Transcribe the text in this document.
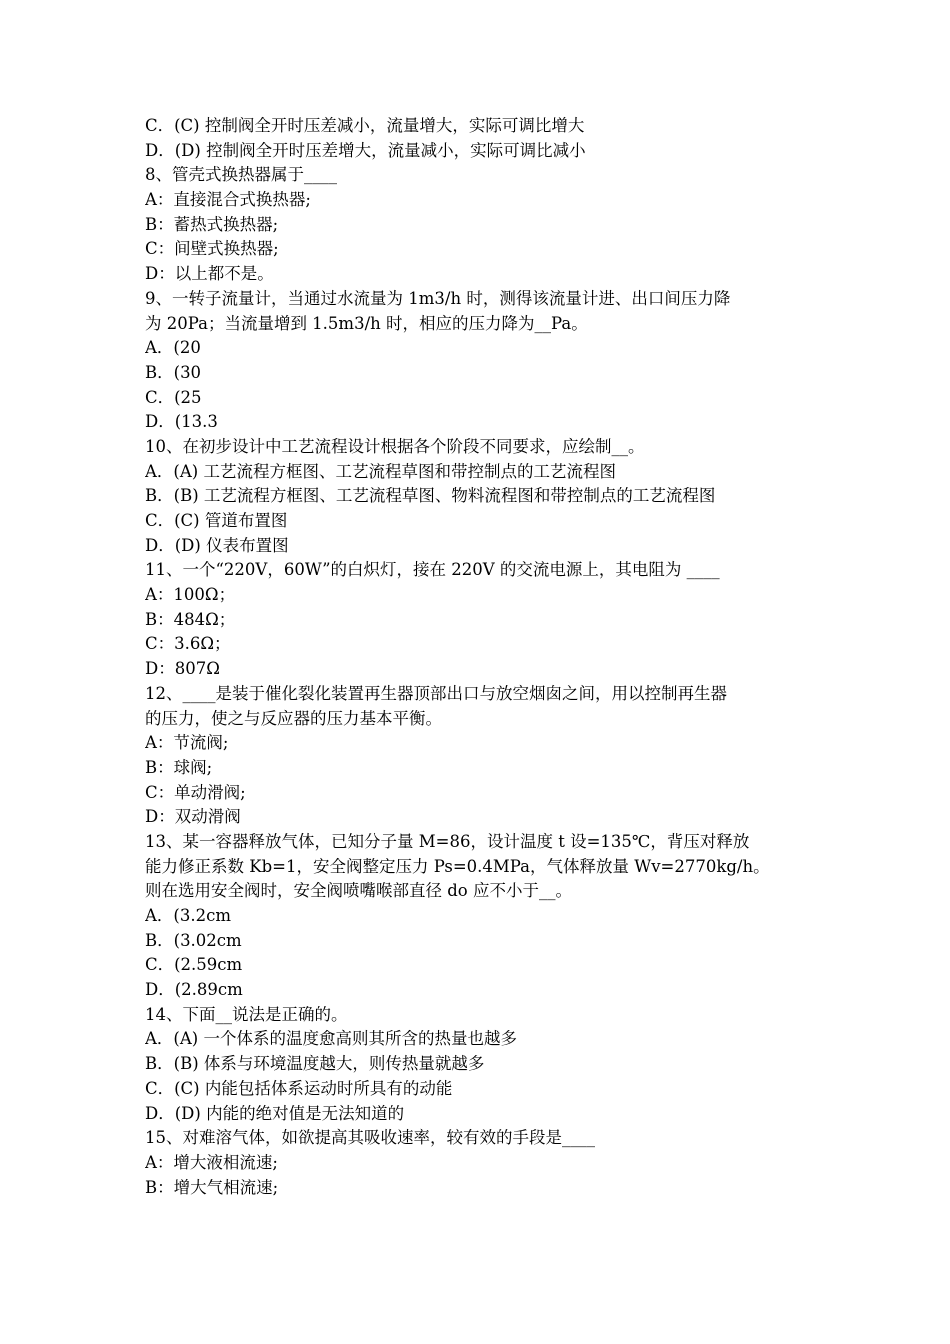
C．(C) 控制阀全开时压差减小，流量增大，实际可调比增大
D．(D) 控制阀全开时压差增大，流量减小，实际可调比减小
8、管壳式换热器属于____
A：直接混合式换热器;
B：蓄热式换热器;
C：间壁式换热器;
D：以上都不是。
9、一转子流量计，当通过水流量为 1m3/h 时，测得该流量计进、出口间压力降
为 20Pa；当流量增到 1.5m3/h 时，相应的压力降为__Pa。
A．(20
B．(30
C．(25
D．(13.3
10、在初步设计中工艺流程设计根据各个阶段不同要求，应绘制__。
A．(A) 工艺流程方框图、工艺流程草图和带控制点的工艺流程图
B．(B) 工艺流程方框图、工艺流程草图、物料流程图和带控制点的工艺流程图
C．(C) 管道布置图
D．(D) 仪表布置图
11、一个“220V，60W”的白炽灯，接在 220V 的交流电源上，其电阻为 ____
A：100Ω；
B：484Ω；
C：3.6Ω；
D：807Ω
12、____是装于催化裂化装置再生器顶部出口与放空烟囱之间，用以控制再生器
的压力，使之与反应器的压力基本平衡。
A：节流阀;
B：球阀;
C：单动滑阀;
D：双动滑阀
13、某一容器释放气体，已知分子量 M=86，设计温度 t 设=135℃，背压对释放
能力修正系数 Kb=1，安全阀整定压力 Ps=0.4MPa，气体释放量 Wv=2770kg/h。
则在选用安全阀时，安全阀喷嘴喉部直径 do 应不小于__。
A．(3.2cm
B．(3.02cm
C．(2.59cm
D．(2.89cm
14、下面__说法是正确的。
A．(A) 一个体系的温度愈高则其所含的热量也越多
B．(B) 体系与环境温度越大，则传热量就越多
C．(C) 内能包括体系运动时所具有的动能
D．(D) 内能的绝对值是无法知道的
15、对难溶气体，如欲提高其吸收速率，较有效的手段是____
A：增大液相流速;
B：增大气相流速;
